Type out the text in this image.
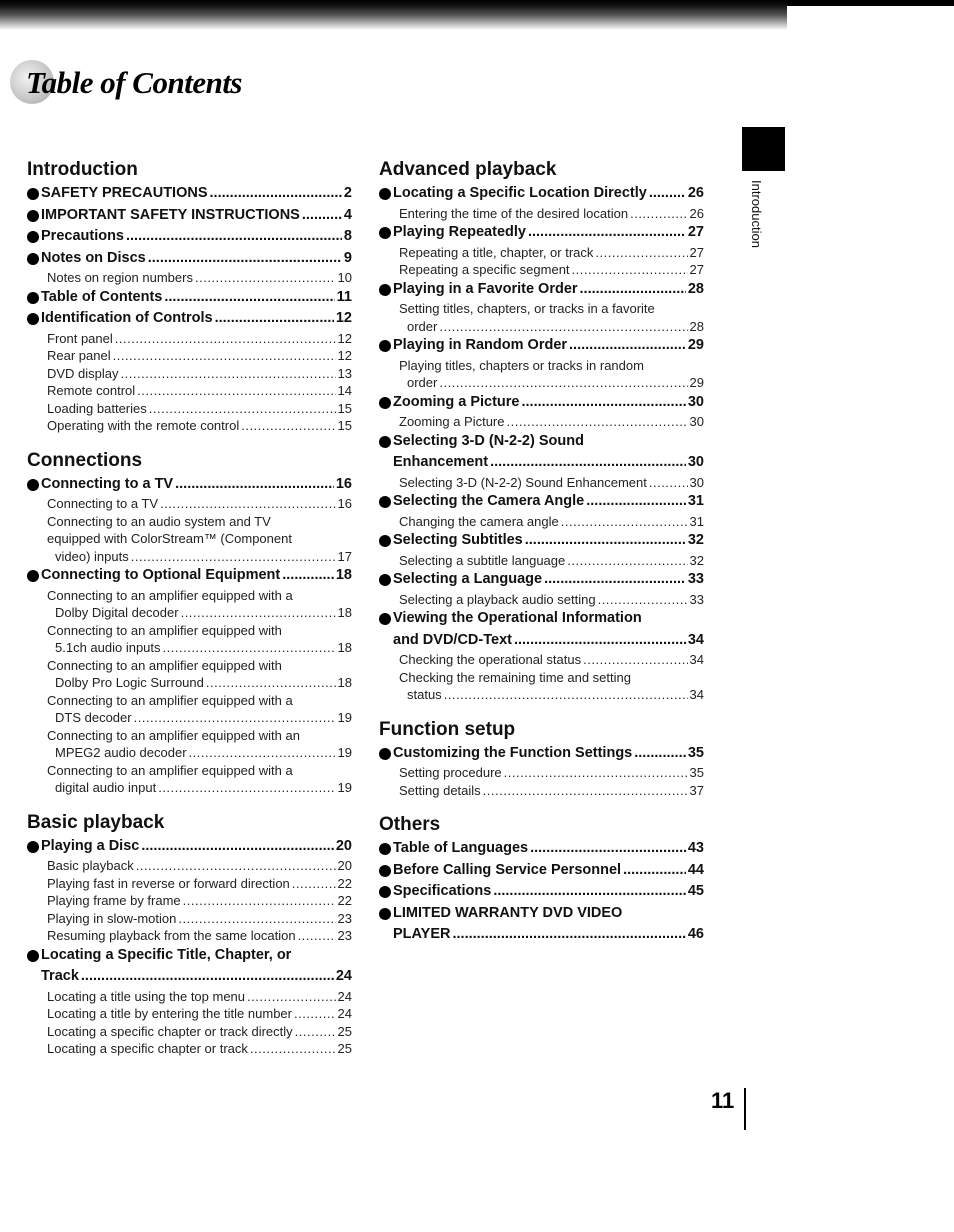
Table of Contents
Introduction
Introduction
SAFETY PRECAUTIONS .....	2
IMPORTANT SAFETY INSTRUCTIONS .....	4
Precautions .....	8
Notes on Discs .....	9
Notes on region numbers .....	10
Table of Contents .....	11
Identification of Controls .....	12
Front panel .....	12
Rear panel .....	12
DVD display .....	13
Remote control .....	14
Loading batteries .....	15
Operating with the remote control .....	15
Connections
Connecting to a TV .....	16
Connecting to a TV .....	16
Connecting to an audio system and TV
equipped with ColorStream™ (Component
video) inputs .....	17
Connecting to Optional Equipment .....	18
Connecting to an amplifier equipped with a
Dolby Digital decoder .....	18
Connecting to an amplifier equipped with
5.1ch audio inputs .....	18
Connecting to an amplifier equipped with
Dolby Pro Logic Surround .....	18
Connecting to an amplifier equipped with a
DTS decoder .....	19
Connecting to an amplifier equipped with an
MPEG2 audio decoder .....	19
Connecting to an amplifier equipped with a
digital audio input .....	19
Basic playback
Playing a Disc .....	20
Basic playback .....	20
Playing fast in reverse or forward direction .....	22
Playing frame by frame .....	22
Playing in slow-motion .....	23
Resuming playback from the same location .....	23
Locating a Specific Title, Chapter, or
Track .....	24
Locating a title using the top menu .....	24
Locating a title by entering the title number .....	24
Locating a specific chapter or track directly .....	25
Locating a specific chapter or track .....	25
Advanced playback
Locating a Specific Location Directly .....	26
Entering the time of the desired location .....	26
Playing Repeatedly .....	27
Repeating a title, chapter, or track .....	27
Repeating a specific segment .....	27
Playing in a Favorite Order .....	28
Setting titles, chapters, or tracks in a favorite
order .....	28
Playing in Random Order .....	29
Playing titles, chapters or tracks in random
order .....	29
Zooming a Picture .....	30
Zooming a Picture .....	30
Selecting 3-D (N-2-2) Sound
Enhancement .....	30
Selecting 3-D (N-2-2) Sound Enhancement .....	30
Selecting the Camera Angle .....	31
Changing the camera angle .....	31
Selecting Subtitles .....	32
Selecting a subtitle language .....	32
Selecting a Language .....	33
Selecting a playback audio setting .....	33
Viewing the Operational Information
and DVD/CD-Text .....	34
Checking the operational status .....	34
Checking the remaining time and setting
status .....	34
Function setup
Customizing the Function Settings .....	35
Setting procedure .....	35
Setting details .....	37
Others
Table of Languages .....	43
Before Calling Service Personnel .....	44
Specifications .....	45
LIMITED WARRANTY DVD VIDEO
PLAYER .....	46
11
